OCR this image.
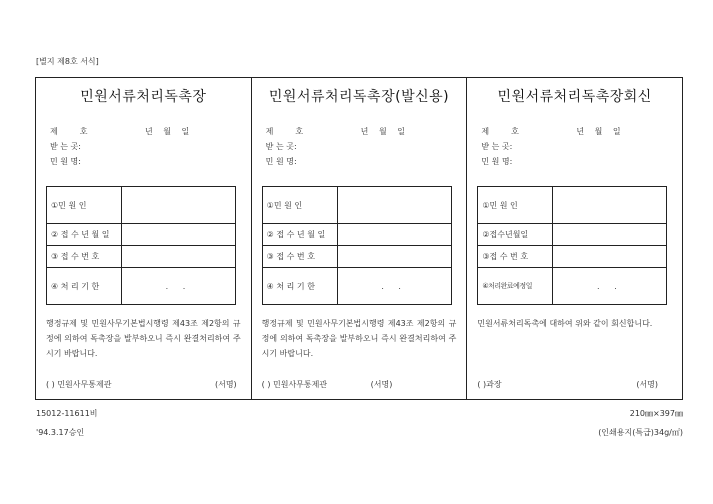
[별지 제8호 서식]
민원서류처리독촉장
제호	년 월 일
받 는 곳:
민 원 명:
①민 원 인	
② 접 수 년 월 일	
③ 접 수 번 호	
④ 처 리 기 한	. .
행정규제 및 민원사무기본법시행령 제43조 제2항의 규정에 의하여 독촉장을 발부하오니 즉시 완결처리하여 주시기 바랍니다.
( ) 민원사무통제관	(서명)
민원서류처리독촉장(발신용)
제호	년 월 일
받 는 곳:
민 원 명:
①민 원 인	
② 접 수 년 월 일	
③ 접 수 번 호	
④ 처 리 기 한	. .
행정규제 및 민원사무기본법시행령 제43조 제2항의 규정에 의하여 독촉장을 발부하오니 즉시 완결처리하여 주시기 바랍니다.
( ) 민원사무통제관	(서명)
민원서류처리독촉장회신
제호	년 월 일
받 는 곳:
민 원 명:
①민 원 인	
②접수년월일	
③접 수 번 호	
④처리완료예정일	. .
민원서류처리독촉에 대하여 위와 같이 회신합니다.
( )과장	(서명)
15012-11611비
'94.3.17승인
210㎜×397㎜
(인쇄용지(특급)34g/㎡)
